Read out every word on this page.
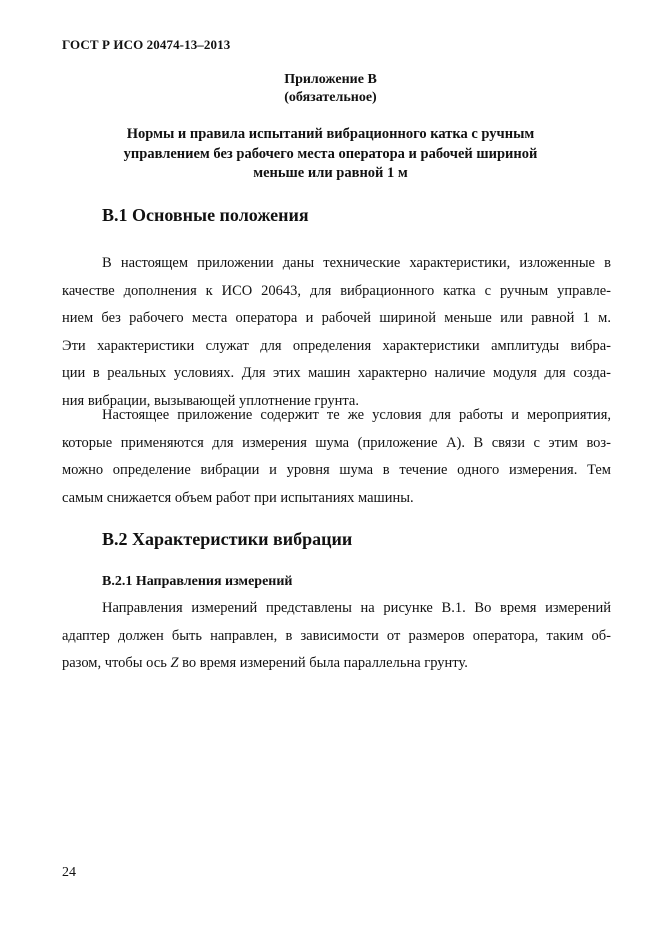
ГОСТ Р ИСО 20474-13–2013
Приложение В
(обязательное)
Нормы и правила испытаний вибрационного катка с ручным
управлением без рабочего места оператора и рабочей шириной
меньше или равной 1 м
В.1 Основные положения
В настоящем приложении даны технические характеристики, изложенные в
качестве дополнения к ИСО 20643, для вибрационного катка с ручным управле-
нием без рабочего места оператора и рабочей шириной меньше или равной 1 м.
Эти характеристики служат для определения характеристики амплитуды вибра-
ции в реальных условиях. Для этих машин характерно наличие модуля для созда-
ния вибрации, вызывающей уплотнение грунта.
Настоящее приложение содержит те же условия для работы и мероприятия,
которые применяются для измерения шума (приложение А). В связи с этим воз-
можно определение вибрации и уровня шума в течение одного измерения. Тем
самым снижается объем работ при испытаниях машины.
В.2 Характеристики вибрации
В.2.1 Направления измерений
Направления измерений представлены на рисунке В.1. Во время измерений
адаптер должен быть направлен, в зависимости от размеров оператора, таким об-
разом, чтобы ось Z во время измерений была параллельна грунту.
24
